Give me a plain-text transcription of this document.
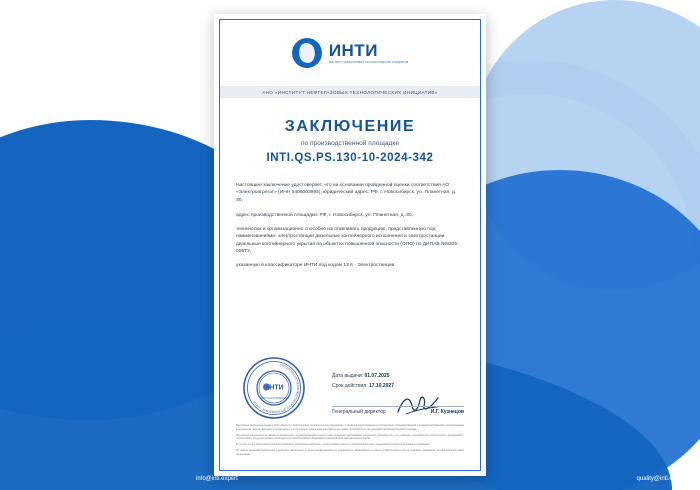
ИНТИ
ИНСТИТУТ НЕФТЕГАЗОВЫХ ТЕХНОЛОГИЧЕСКИХ ИНИЦИАТИВ
АНО «ИНСТИТУТ НЕФТЕГАЗОВЫХ ТЕХНОЛОГИЧЕСКИХ ИНИЦИАТИВ»
ЗАКЛЮЧЕНИЕ
по производственной площадке
INTI.QS.PS.130-10-2024-342
Настоящее заключение удостоверяет, что на основании пройденной оценки соответствия АО «Электроагрегат» (ИНН 5409003995), юридический адрес: РФ, г. Новосибирск, ул. Планетная, д. 30,
адрес производственной площадки: РФ, г. Новосибирск, ул. Планетная, д. 30,
технически и организационно способно изготавливать продукцию, представленную под наименованиями: электростанции дизельные контейнерного исполнения и электростанции дизельные контейнерного укрытия на объектах повышенной опасности (ОПО) по ДИПАВ.№8325-005ТУ,
указанную в классификаторе ИНТИ под кодом 13.6 - Электростанции
ИНТИ
АВТОНОМНАЯ НЕКОММЕРЧЕСКАЯ ОРГАНИЗАЦИЯ · ИНТИ ·	ОГРН 1197700003344
Дата выдачи: 01.07.2025
Срок действия: 17.10.2027
Генеральный директор	И.Г. Кузнецов

Настоящее заключение выдано АНО «Институт нефтегазовых технологических инициатив» и является подтверждением соответствия производственной площадки требованиям, установленным в документах оценки. Документ подтверждает, что продукция, заявленная изготовителем, может производиться на указанной производственной площадке.

Настоящее заключение не является документом, подтверждающим соответствие продукции требованиям технических регламентов, и не заменяет сертификатов соответствия и деклараций о соответствии, предусмотренных законодательством Российской Федерации и Евразийского экономического союза.

В случае, если в заключение внесены изменения, заключение действует только в совокупности с приложением к нему, содержащим перечень внесённых изменений.

По любым вопросам применения и действия заключения, а также подтверждения его подлинности, обращайтесь по адресу info@inti.expert или по телефону, указанному на официальном сайте организации.

info@inti.expert	quality@inti.expert
